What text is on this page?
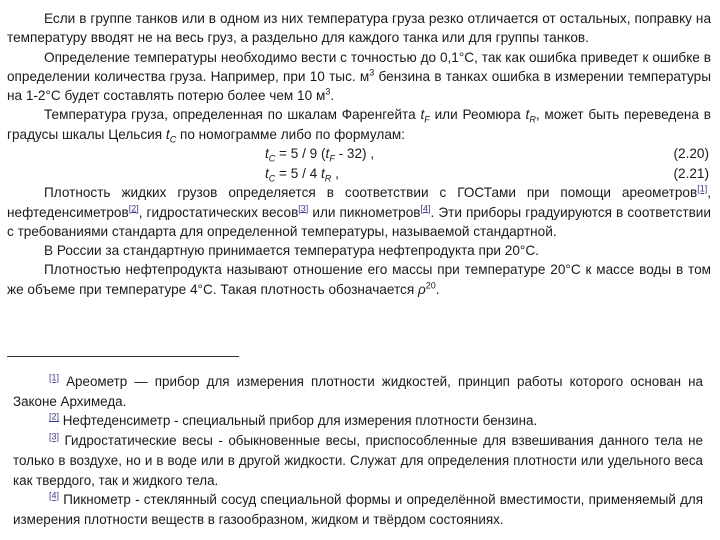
Если в группе танков или в одном из них температура груза резко отличается от остальных, поправку на температуру вводят не на весь груз, а раздельно для каждого танка или для группы танков.

Определение температуры необходимо вести с точностью до 0,1°С, так как ошибка приведет к ошибке в определении количества груза. Например, при 10 тыс. $м^3$ бензина в танках ошибка в измерении температуры на 1-2°С будет составлять потерю более чем 10 $м^3$.

Температура груза, определенная по шкалам Фаренгейта $t_F$ или Реомюра $t_R$, может быть переведена в градусы шкалы Цельсия $t_C$ по номограмме либо по формулам:

$t_C = 5 / 9$ $(t_F - 32)$ ,	(2.20)
$t_C = 5 / 4$ $t_R$ ,	(2.21)

Плотность жидких грузов определяется в соответствии с ГОСТами при помощи ареометров[1], нефтеденсиметров[2], гидростатических весов[3] или пикнометров[4]. Эти приборы градуируются в соответствии с требованиями стандарта для определенной температуры, называемой стандартной.

В России за стандартную принимается температура нефтепродукта при 20°С.

Плотностью нефтепродукта называют отношение его массы при температуре 20°С к массе воды в том же объеме при температуре 4°С. Такая плотность обозначается $\rho^{20}$.

[1] Ареометр — прибор для измерения плотности жидкостей, принцип работы которого основан на Законе Архимеда.

[2] Нефтеденсиметр - специальный прибор для измерения плотности бензина.

[3] Гидростатические весы - обыкновенные весы, приспособленные для взвешивания данного тела не только в воздухе, но и в воде или в другой жидкости. Служат для определения плотности или удельного веса как твердого, так и жидкого тела.

[4] Пикнометр - стеклянный сосуд специальной формы и определённой вместимости, применяемый для измерения плотности веществ в газообразном, жидком и твёрдом состояниях.
